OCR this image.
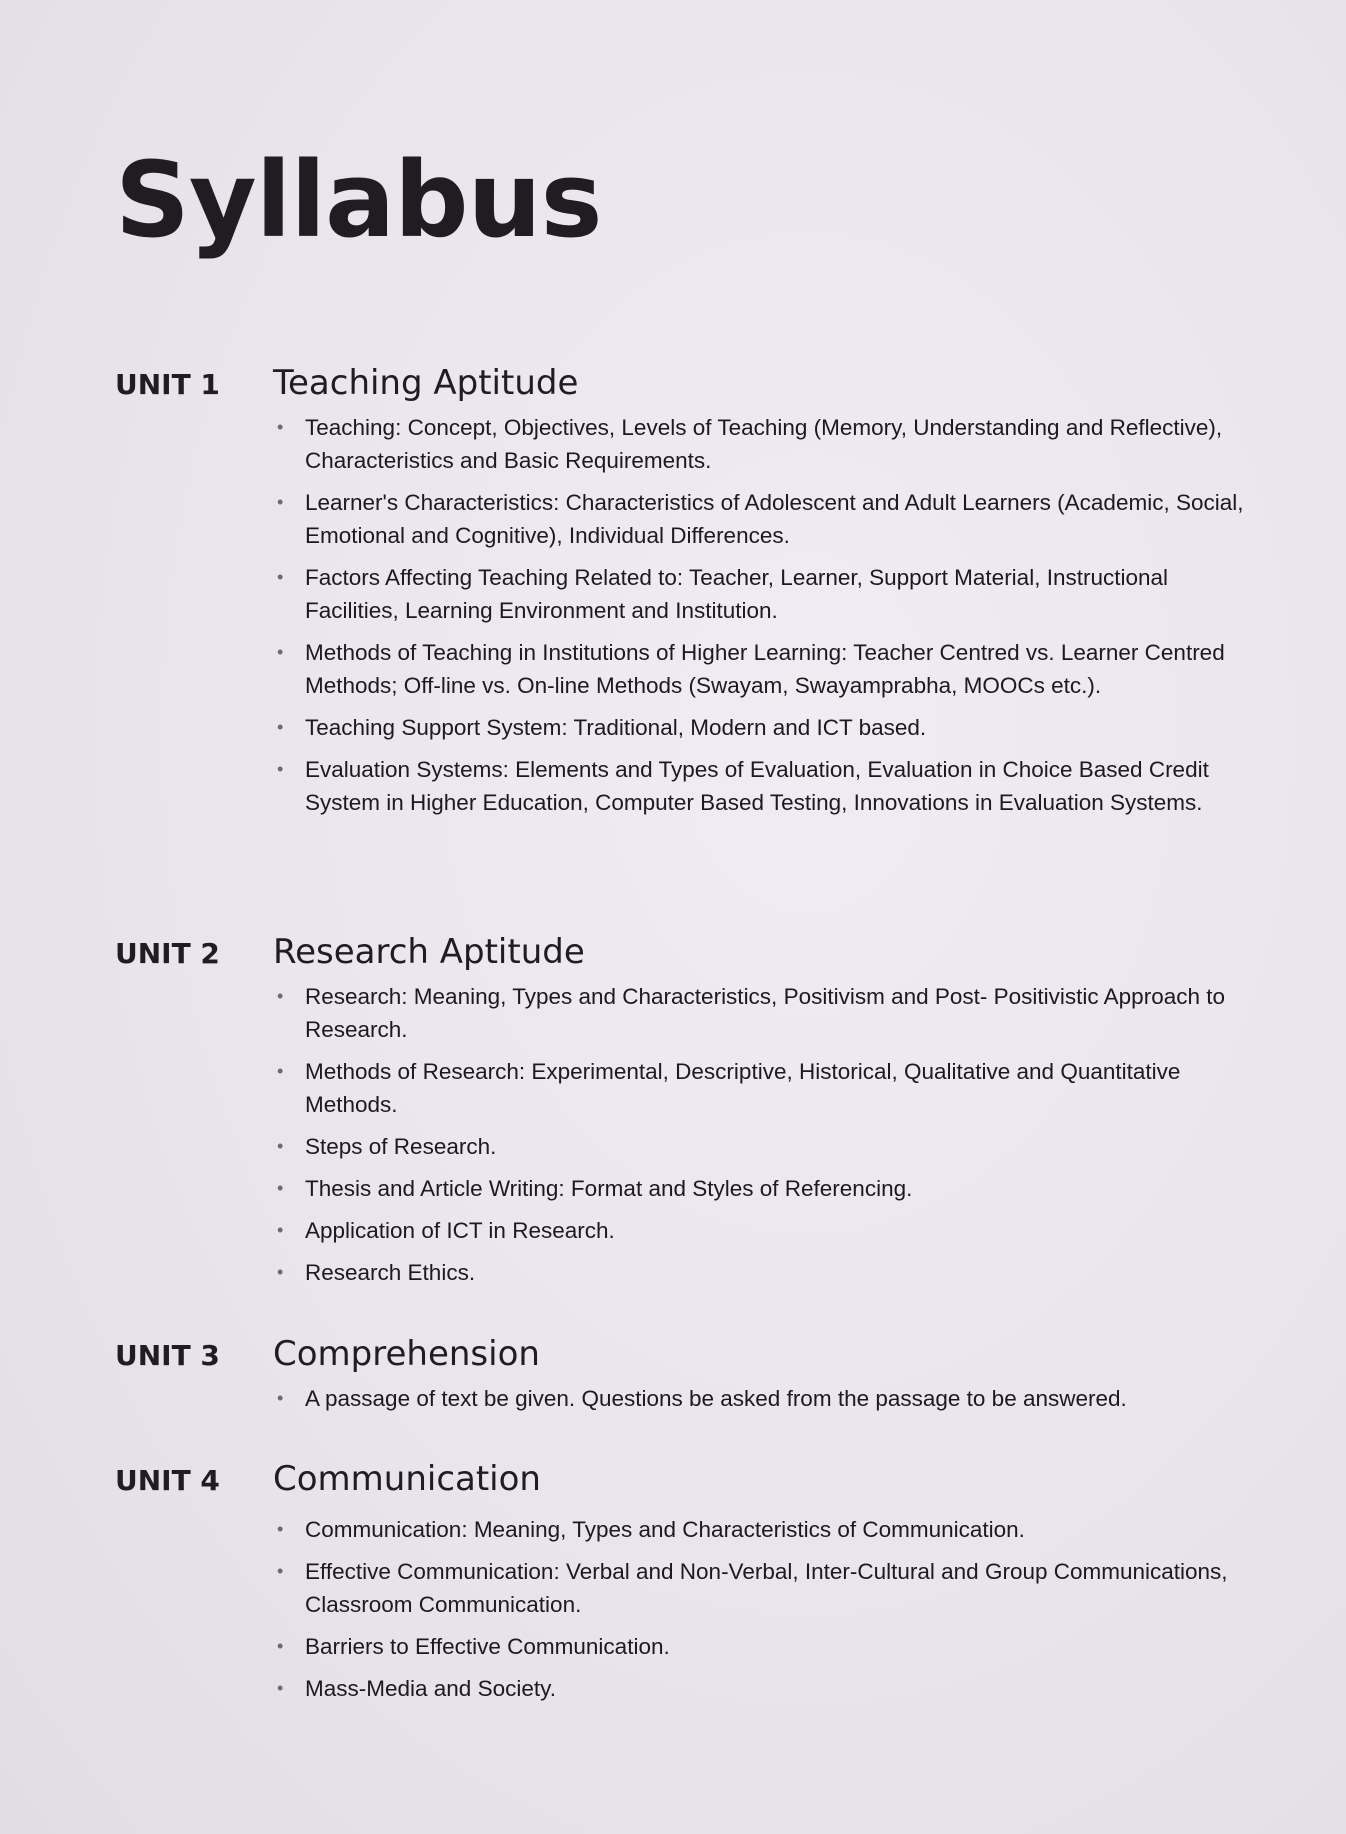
Syllabus
UNIT 1	Teaching Aptitude
• Teaching: Concept, Objectives, Levels of Teaching (Memory, Understanding and Reflective), Characteristics and Basic Requirements.
• Learner's Characteristics: Characteristics of Adolescent and Adult Learners (Academic, Social, Emotional and Cognitive), Individual Differences.
• Factors Affecting Teaching Related to: Teacher, Learner, Support Material, Instructional Facilities, Learning Environment and Institution.
• Methods of Teaching in Institutions of Higher Learning: Teacher Centred vs. Learner Centred Methods; Off-line vs. On-line Methods (Swayam, Swayamprabha, MOOCs etc.).
• Teaching Support System: Traditional, Modern and ICT based.
• Evaluation Systems: Elements and Types of Evaluation, Evaluation in Choice Based Credit System in Higher Education, Computer Based Testing, Innovations in Evaluation Systems.
UNIT 2	Research Aptitude
• Research: Meaning, Types and Characteristics, Positivism and Post- Positivistic Approach to Research.
• Methods of Research: Experimental, Descriptive, Historical, Qualitative and Quantitative Methods.
• Steps of Research.
• Thesis and Article Writing: Format and Styles of Referencing.
• Application of ICT in Research.
• Research Ethics.
UNIT 3	Comprehension
• A passage of text be given. Questions be asked from the passage to be answered.
UNIT 4	Communication
• Communication: Meaning, Types and Characteristics of Communication.
• Effective Communication: Verbal and Non-Verbal, Inter-Cultural and Group Communications, Classroom Communication.
• Barriers to Effective Communication.
• Mass-Media and Society.
